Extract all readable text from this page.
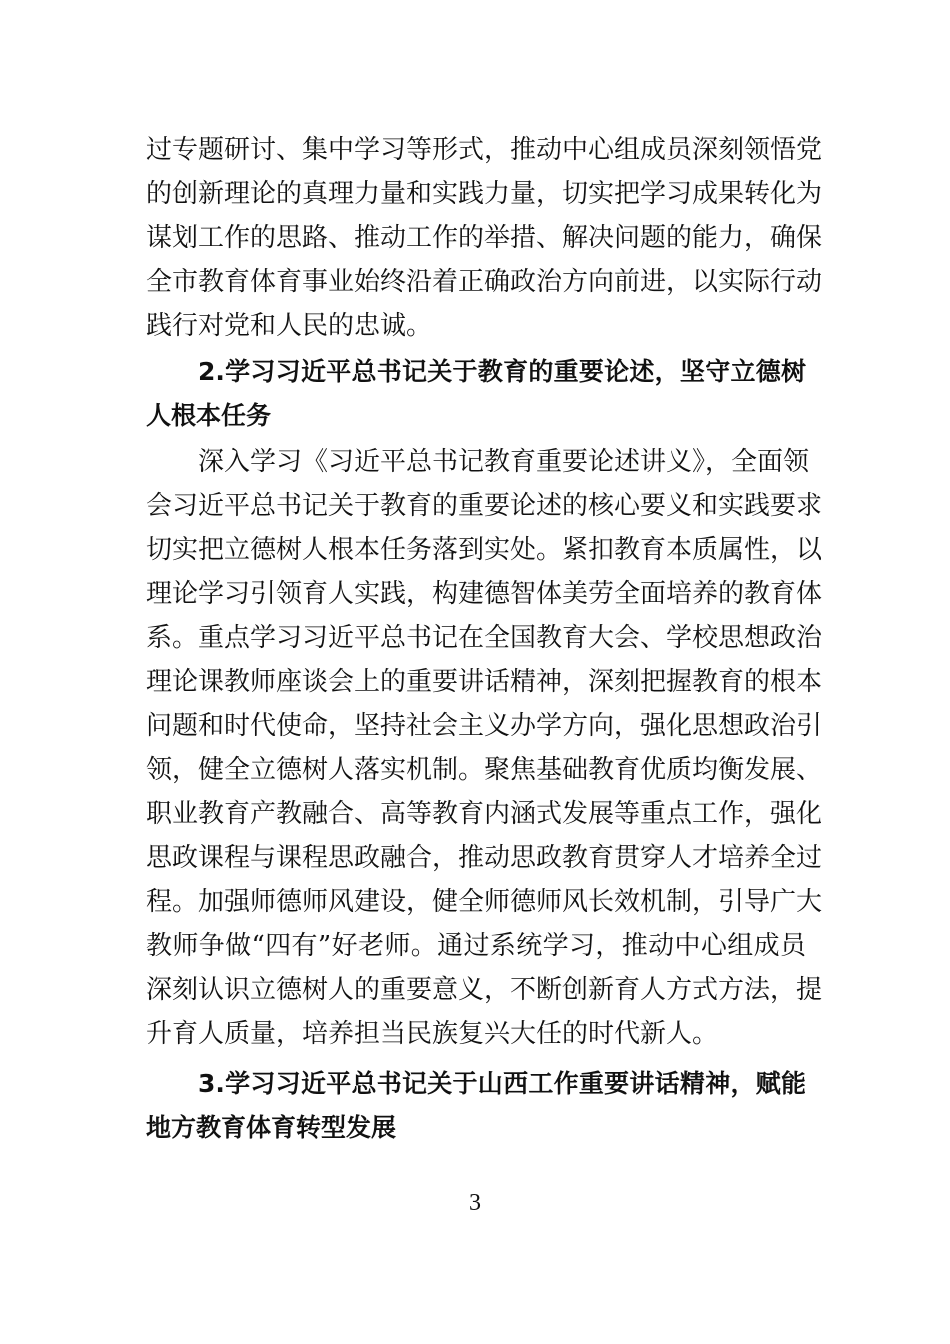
过专题研讨、集中学习等形式，推动中心组成员深刻领悟党
的创新理论的真理力量和实践力量，切实把学习成果转化为
谋划工作的思路、推动工作的举措、解决问题的能力，确保
全市教育体育事业始终沿着正确政治方向前进，以实际行动
践行对党和人民的忠诚。
2.学习习近平总书记关于教育的重要论述，坚守立德树
人根本任务
深入学习《习近平总书记教育重要论述讲义》，全面领
会习近平总书记关于教育的重要论述的核心要义和实践要求
切实把立德树人根本任务落到实处。紧扣教育本质属性，以
理论学习引领育人实践，构建德智体美劳全面培养的教育体
系。重点学习习近平总书记在全国教育大会、学校思想政治
理论课教师座谈会上的重要讲话精神，深刻把握教育的根本
问题和时代使命，坚持社会主义办学方向，强化思想政治引
领，健全立德树人落实机制。聚焦基础教育优质均衡发展、
职业教育产教融合、高等教育内涵式发展等重点工作，强化
思政课程与课程思政融合，推动思政教育贯穿人才培养全过
程。加强师德师风建设，健全师德师风长效机制，引导广大
教师争做“四有”好老师。通过系统学习，推动中心组成员
深刻认识立德树人的重要意义，不断创新育人方式方法，提
升育人质量，培养担当民族复兴大任的时代新人。
3.学习习近平总书记关于山西工作重要讲话精神，赋能
地方教育体育转型发展
3
